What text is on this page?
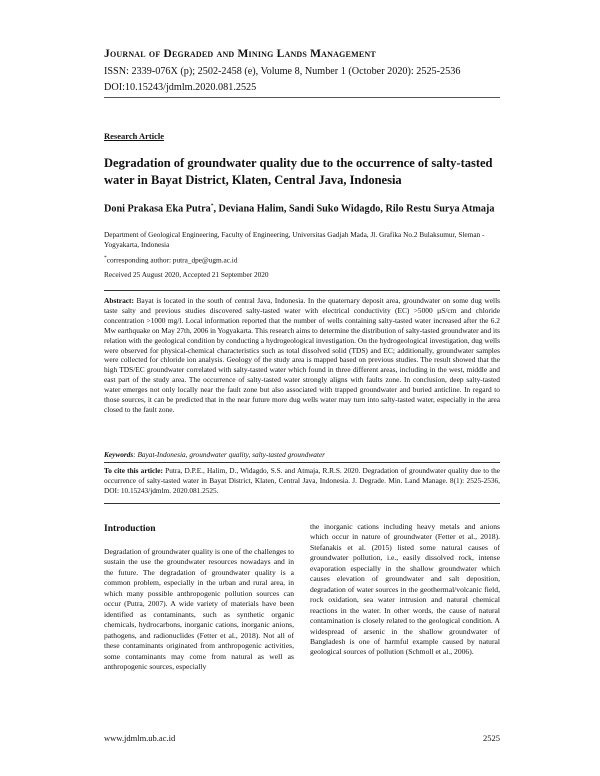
Journal of Degraded and Mining Lands Management
ISSN: 2339-076X (p); 2502-2458 (e), Volume 8, Number 1 (October 2020): 2525-2536
DOI:10.15243/jdmlm.2020.081.2525
Research Article
Degradation of groundwater quality due to the occurrence of salty-tasted water in Bayat District, Klaten, Central Java, Indonesia
Doni Prakasa Eka Putra*, Deviana Halim, Sandi Suko Widagdo, Rilo Restu Surya Atmaja
Department of Geological Engineering, Faculty of Engineering, Universitas Gadjah Mada, Jl. Grafika No.2 Bulaksumur, Sleman - Yogyakarta, Indonesia
*corresponding author: putra_dpe@ugm.ac.id
Received 25 August 2020, Accepted 21 September 2020
Abstract: Bayat is located in the south of central Java, Indonesia. In the quaternary deposit area, groundwater on some dug wells taste salty and previous studies discovered salty-tasted water with electrical conductivity (EC) >5000 µS/cm and chloride concentration >1000 mg/l. Local information reported that the number of wells containing salty-tasted water increased after the 6.2 Mw earthquake on May 27th, 2006 in Yogyakarta. This research aims to determine the distribution of salty-tasted groundwater and its relation with the geological condition by conducting a hydrogeological investigation. On the hydrogeological investigation, dug wells were observed for physical-chemical characteristics such as total dissolved solid (TDS) and EC; additionally, groundwater samples were collected for chloride ion analysis. Geology of the study area is mapped based on previous studies. The result showed that the high TDS/EC groundwater correlated with salty-tasted water which found in three different areas, including in the west, middle and east part of the study area. The occurrence of salty-tasted water strongly aligns with faults zone. In conclusion, deep salty-tasted water emerges not only locally near the fault zone but also associated with trapped groundwater and buried anticline. In regard to those sources, it can be predicted that in the near future more dug wells water may turn into salty-tasted water, especially in the area closed to the fault zone.
Keywords: Bayat-Indonesia, groundwater quality, salty-tasted groundwater
To cite this article: Putra, D.P.E., Halim, D., Widagdo, S.S. and Atmaja, R.R.S. 2020. Degradation of groundwater quality due to the occurrence of salty-tasted water in Bayat District, Klaten, Central Java, Indonesia. J. Degrade. Min. Land Manage. 8(1): 2525-2536, DOI: 10.15243/jdmlm. 2020.081.2525.
Introduction
Degradation of groundwater quality is one of the challenges to sustain the use the groundwater resources nowadays and in the future. The degradation of groundwater quality is a common problem, especially in the urban and rural area, in which many possible anthropogenic pollution sources can occur (Putra, 2007). A wide variety of materials have been identified as contaminants, such as synthetic organic chemicals, hydrocarbons, inorganic cations, inorganic anions, pathogens, and radionuclides (Fetter et al., 2018). Not all of these contaminants originated from anthropogenic activities, some contaminants may come from natural as well as anthropogenic sources, especially
the inorganic cations including heavy metals and anions which occur in nature of groundwater (Fetter et al., 2018). Stefanakis et al. (2015) listed some natural causes of groundwater pollution, i.e., easily dissolved rock, intense evaporation especially in the shallow groundwater which causes elevation of groundwater and salt deposition, degradation of water sources in the geothermal/volcanic field, rock oxidation, sea water intrusion and natural chemical reactions in the water. In other words, the cause of natural contamination is closely related to the geological condition. A widespread of arsenic in the shallow groundwater of Bangladesh is one of harmful example caused by natural geological sources of pollution (Schmoll et al., 2006).
www.jdmlm.ub.ac.id	2525
